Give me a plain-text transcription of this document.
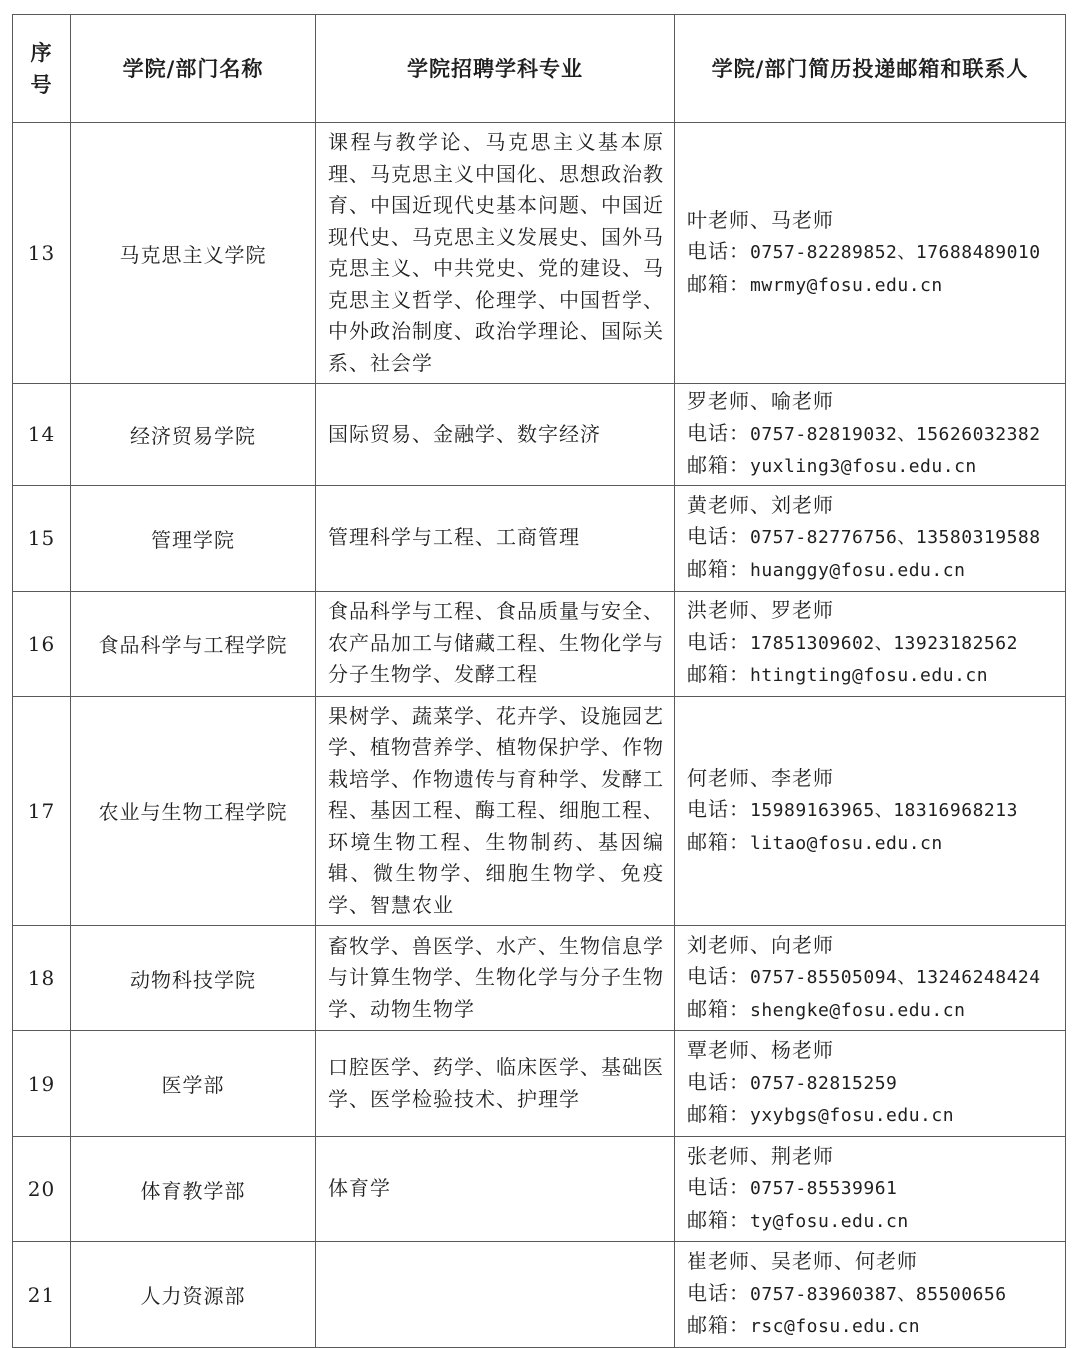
序号	学院/部门名称	学院招聘学科专业	学院/部门简历投递邮箱和联系人
13	马克思主义学院	课程与教学论、马克思主义基本原理、马克思主义中国化、思想政治教育、中国近现代史基本问题、中国近现代史、马克思主义发展史、国外马克思主义、中共党史、党的建设、马克思主义哲学、伦理学、中国哲学、中外政治制度、政治学理论、国际关系、社会学	叶老师、马老师
电话：0757-82289852、17688489010
邮箱：mwrmy@fosu.edu.cn

14	经济贸易学院	国际贸易、金融学、数字经济	罗老师、喻老师
电话：0757-82819032、15626032382
邮箱：yuxling3@fosu.edu.cn

15	管理学院	管理科学与工程、工商管理	黄老师、刘老师
电话：0757-82776756、13580319588
邮箱：huanggy@fosu.edu.cn

16	食品科学与工程学院	食品科学与工程、食品质量与安全、农产品加工与储藏工程、生物化学与分子生物学、发酵工程	洪老师、罗老师
电话：17851309602、13923182562
邮箱：htingting@fosu.edu.cn

17	农业与生物工程学院	果树学、蔬菜学、花卉学、设施园艺学、植物营养学、植物保护学、作物栽培学、作物遗传与育种学、发酵工程、基因工程、酶工程、细胞工程、环境生物工程、生物制药、基因编辑、微生物学、细胞生物学、免疫学、智慧农业	何老师、李老师
电话：15989163965、18316968213
邮箱：litao@fosu.edu.cn

18	动物科技学院	畜牧学、兽医学、水产、生物信息学与计算生物学、生物化学与分子生物学、动物生物学	刘老师、向老师
电话：0757-85505094、13246248424
邮箱：shengke@fosu.edu.cn

19	医学部	口腔医学、药学、临床医学、基础医学、医学检验技术、护理学	覃老师、杨老师
电话：0757-82815259
邮箱：yxybgs@fosu.edu.cn

20	体育教学部	体育学	张老师、荆老师
电话：0757-85539961
邮箱：ty@fosu.edu.cn

21	人力资源部		崔老师、吴老师、何老师
电话：0757-83960387、85500656
邮箱：rsc@fosu.edu.cn
